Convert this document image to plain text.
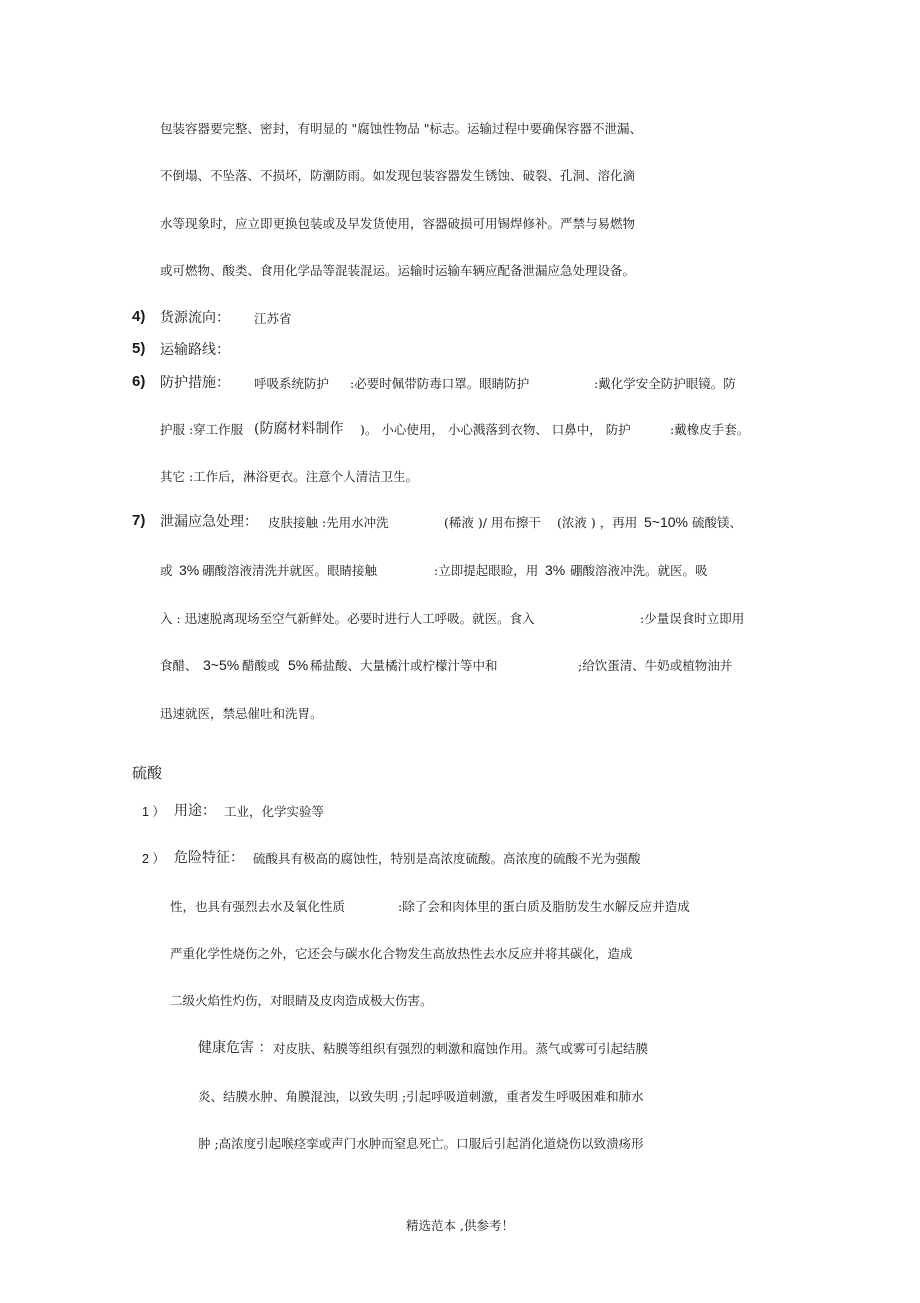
包装容器要完整、密封，有明显的 "腐蚀性物品 "标志。运输过程中要确保容器不泄漏、
不倒塌、不坠落、不损坏，防潮防雨。如发现包装容器发生锈蚀、破裂、孔洞、溶化滴
水等现象时，应立即更换包装或及早发货使用，容器破损可用锡焊修补。严禁与易燃物
或可燃物、酸类、食用化学品等混装混运。运输时运输车辆应配备泄漏应急处理设备。
4) 货源流向： 江苏省
5) 运输路线：
6) 防护措施： 呼吸系统防护 :必要时佩带防毒口罩。眼睛防护	:戴化学安全防护眼镜。防
护服 :穿工作服 (防腐材料制作 )。 小心使用， 小心溅落到衣物、 口鼻中， 防护	:戴橡皮手套。
其它 :工作后，淋浴更衣。注意个人清洁卫生。
7) 泄漏应急处理： 皮肤接触 :先用水冲洗	(稀液 )/ 用布擦干 (浓液 ) ，再用 5~10% 硫酸镁、
或 3% 硼酸溶液清洗并就医。眼睛接触	:立即提起眼睑，用 3% 硼酸溶液冲洗。就医。吸
入 : 迅速脱离现场至空气新鲜处。必要时进行人工呼吸。就医。食入	:少量误食时立即用
食醋、 3~5% 醋酸或 5% 稀盐酸、大量橘汁或柠檬汁等中和	;给饮蛋清、牛奶或植物油并
迅速就医，禁忌催吐和洗胃。
硫酸
1 ） 用途： 工业，化学实验等
2 ） 危险特征： 硫酸具有极高的腐蚀性，特别是高浓度硫酸。高浓度的硫酸不光为强酸
性，也具有强烈去水及氧化性质	:除了会和肉体里的蛋白质及脂肪发生水解反应并造成
严重化学性烧伤之外，它还会与碳水化合物发生高放热性去水反应并将其碳化，造成
二级火焰性灼伤，对眼睛及皮肉造成极大伤害。
健康危害 ： 对皮肤、粘膜等组织有强烈的刺激和腐蚀作用。蒸气或雾可引起结膜
炎、结膜水肿、角膜混浊，以致失明 ;引起呼吸道刺激，重者发生呼吸困难和肺水
肿 ;高浓度引起喉痉挛或声门水肿而窒息死亡。口服后引起消化道烧伤以致溃疡形
精选范本 ,供参考！
